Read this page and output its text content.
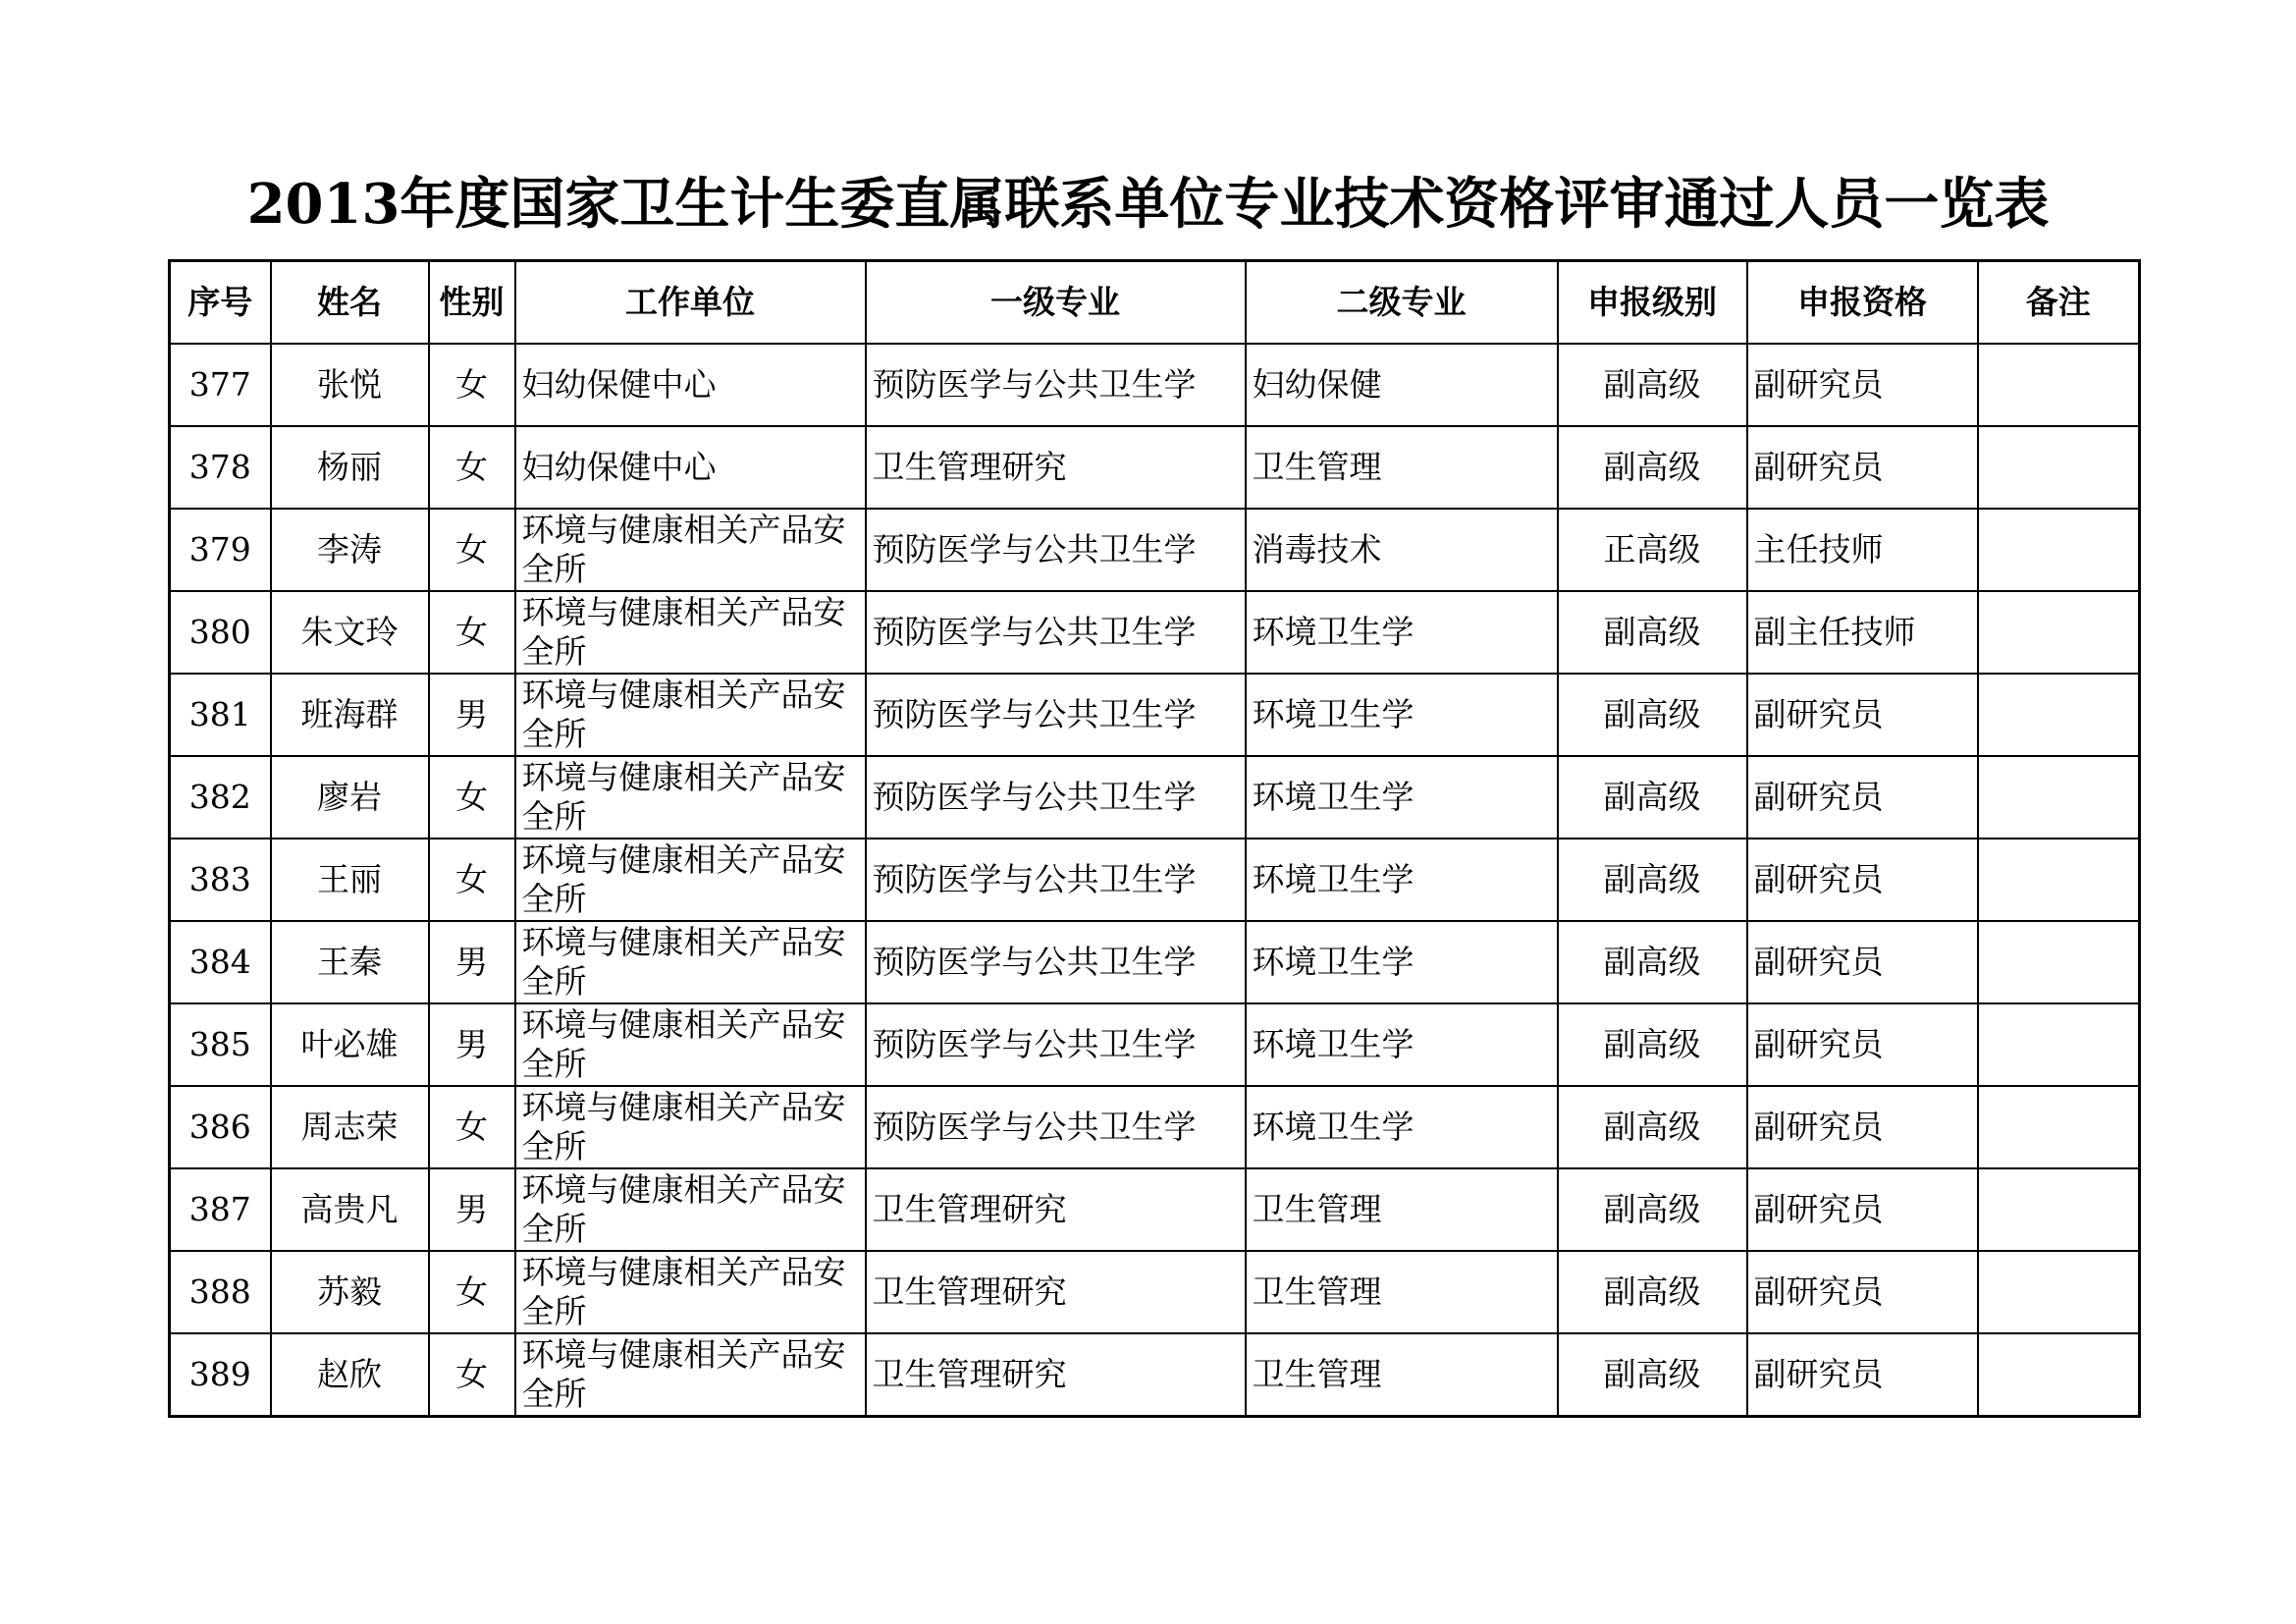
2013年度国家卫生计生委直属联系单位专业技术资格评审通过人员一览表
序号	姓名	性别	工作单位	一级专业	二级专业	申报级别	申报资格	备注
377	张悦	女	妇幼保健中心	预防医学与公共卫生学	妇幼保健	副高级	副研究员	
378	杨丽	女	妇幼保健中心	卫生管理研究	卫生管理	副高级	副研究员	
379	李涛	女	环境与健康相关产品安全所	预防医学与公共卫生学	消毒技术	正高级	主任技师	
380	朱文玲	女	环境与健康相关产品安全所	预防医学与公共卫生学	环境卫生学	副高级	副主任技师	
381	班海群	男	环境与健康相关产品安全所	预防医学与公共卫生学	环境卫生学	副高级	副研究员	
382	廖岩	女	环境与健康相关产品安全所	预防医学与公共卫生学	环境卫生学	副高级	副研究员	
383	王丽	女	环境与健康相关产品安全所	预防医学与公共卫生学	环境卫生学	副高级	副研究员	
384	王秦	男	环境与健康相关产品安全所	预防医学与公共卫生学	环境卫生学	副高级	副研究员	
385	叶必雄	男	环境与健康相关产品安全所	预防医学与公共卫生学	环境卫生学	副高级	副研究员	
386	周志荣	女	环境与健康相关产品安全所	预防医学与公共卫生学	环境卫生学	副高级	副研究员	
387	高贵凡	男	环境与健康相关产品安全所	卫生管理研究	卫生管理	副高级	副研究员	
388	苏毅	女	环境与健康相关产品安全所	卫生管理研究	卫生管理	副高级	副研究员	
389	赵欣	女	环境与健康相关产品安全所	卫生管理研究	卫生管理	副高级	副研究员	
